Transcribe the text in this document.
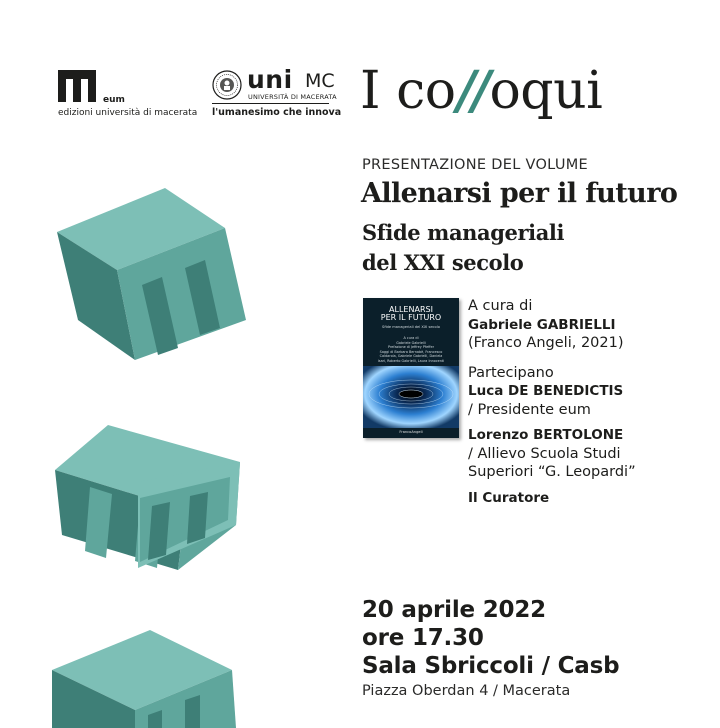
eum
edizioni università di macerata
uni MC
UNIVERSITÀ DI MACERATA
l'umanesimo che innova I co//oqui
PRESENTAZIONE DEL VOLUME
Allenarsi per il futuro
Sfide manageriali
del XXI secolo
ALLENARSI
PER IL FUTURO
Sfide manageriali del XXI secolo
A cura di
Gabriele Gabrielli
Prefazione di Jeffrey Pfeffer
Saggi di Barbara Bernabè, Francesco
Caldarola, Gabriele Gabrielli, Daniela
Isari, Roberto Gabrielli, Laura Innocenti
FrancoAngeli
A cura di
Gabriele GABRIELLI
(Franco Angeli, 2021)
Partecipano
Luca DE BENEDICTIS
/ Presidente eum
Lorenzo BERTOLONE
/ Allievo Scuola Studi
Superiori “G. Leopardi”
Il Curatore
20 aprile 2022
ore 17.30
Sala Sbriccoli / Casb
Piazza Oberdan 4 / Macerata
